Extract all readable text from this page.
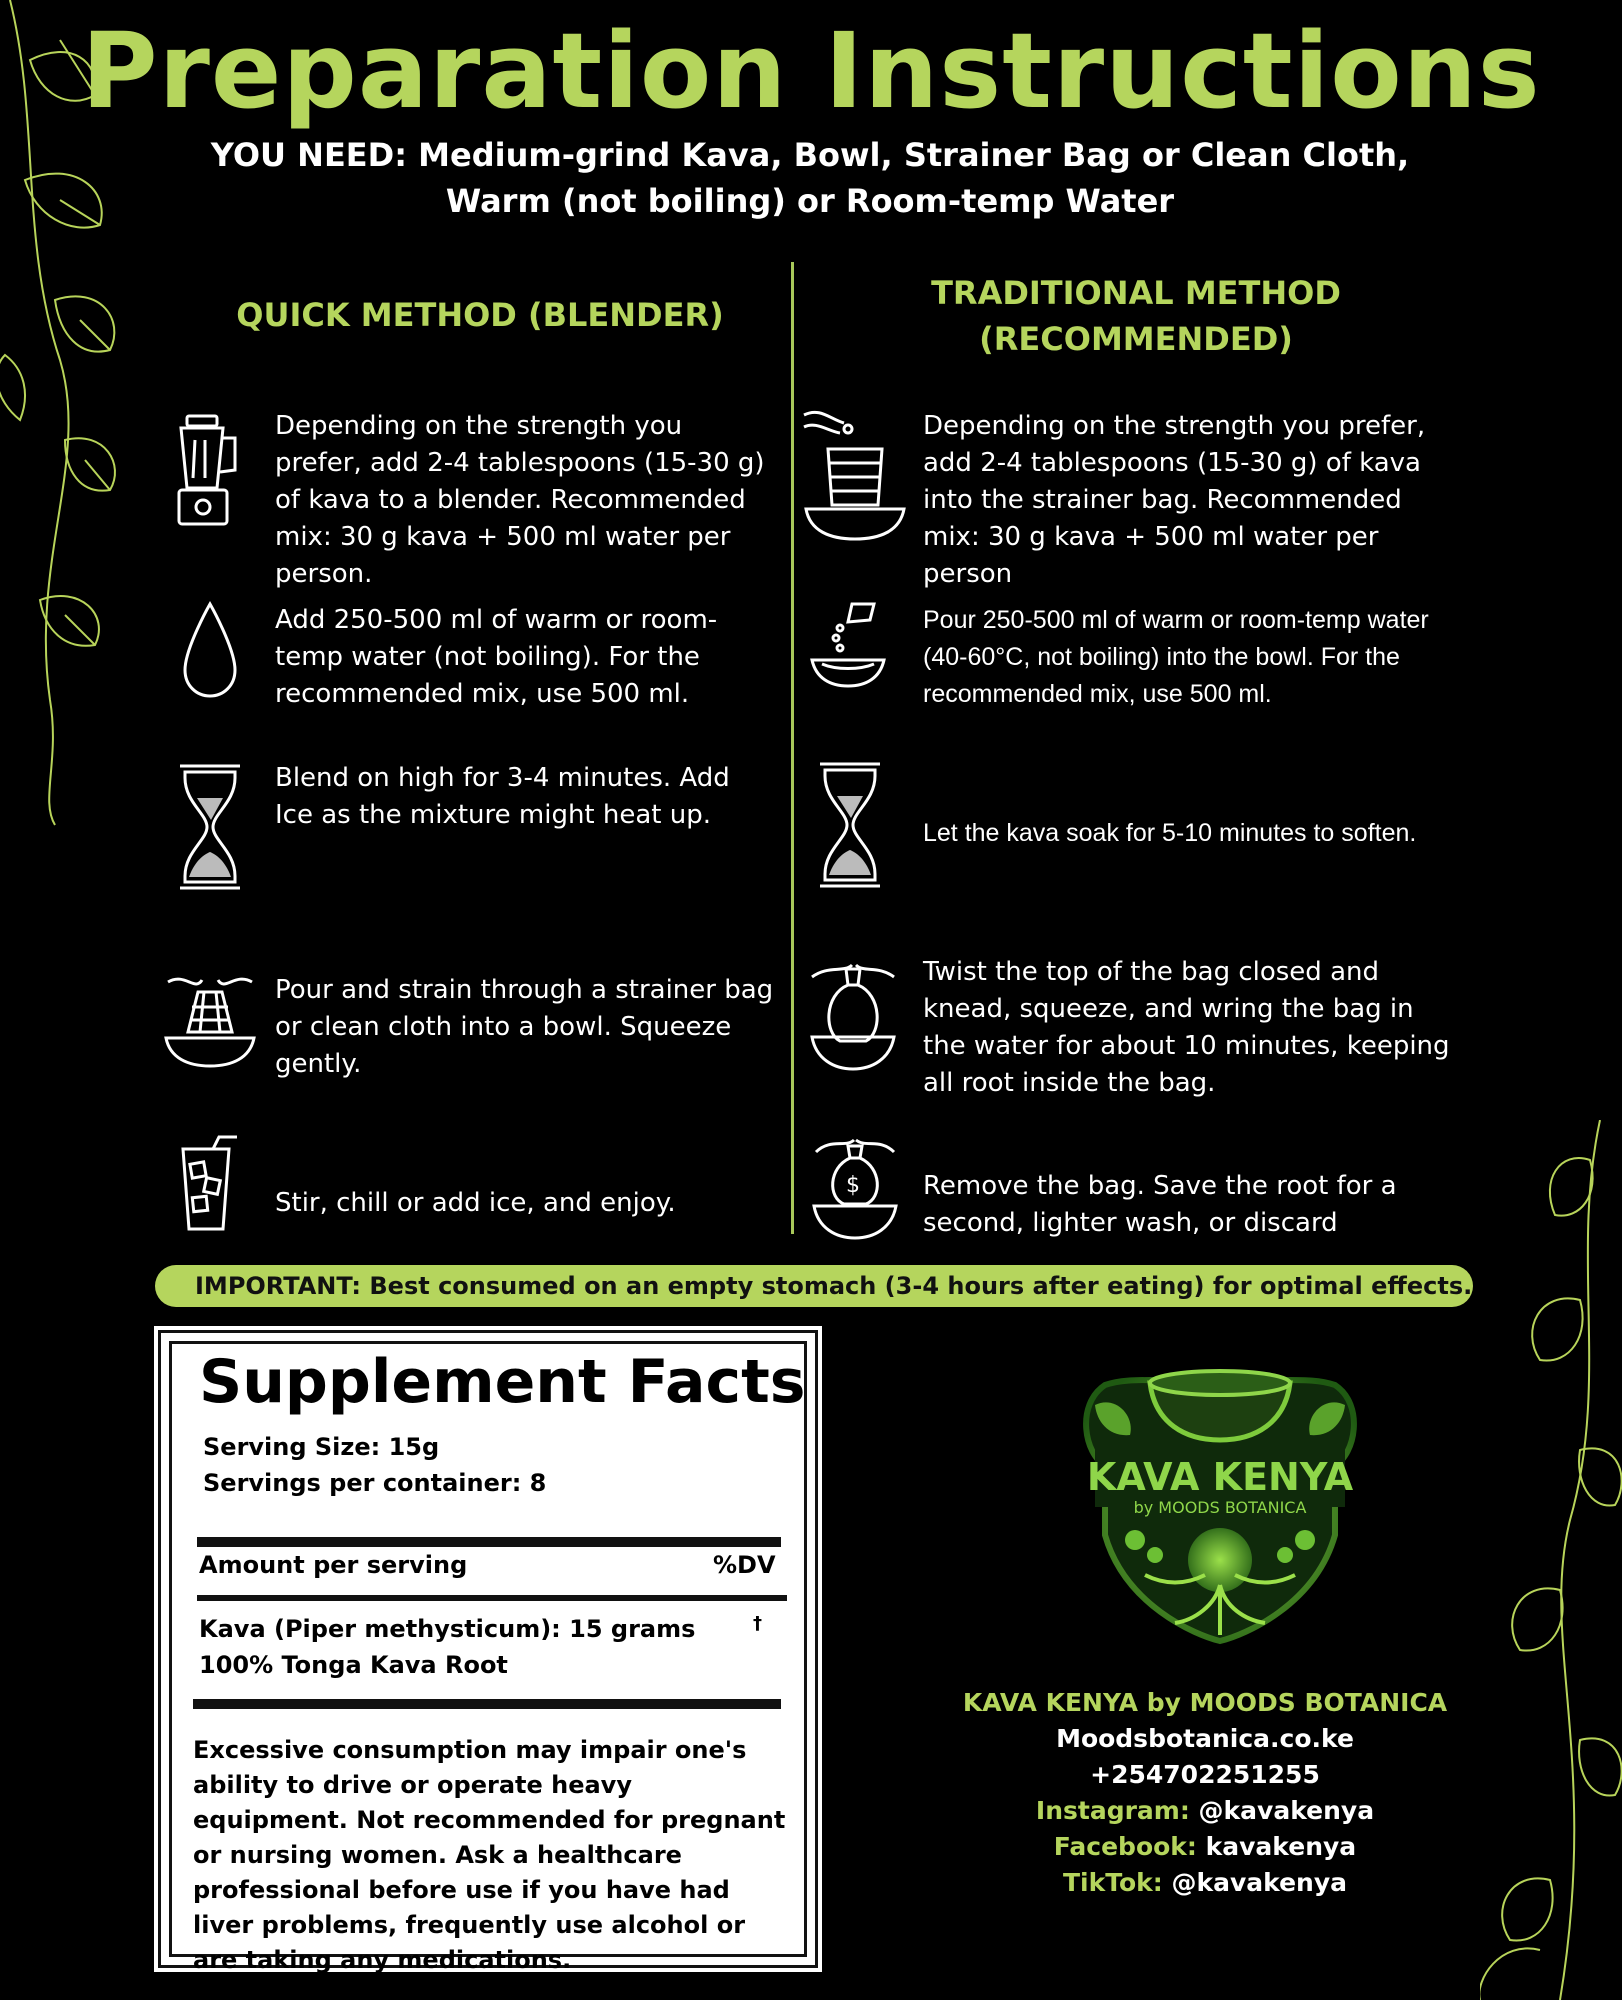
Preparation Instructions
YOU NEED: Medium-grind Kava, Bowl, Strainer Bag or Clean Cloth, Warm (not boiling) or Room-temp Water
QUICK METHOD (BLENDER)
TRADITIONAL METHOD
(RECOMMENDED)
Depending on the strength you prefer, add 2-4 tablespoons (15-30 g) of kava to a blender. Recommended mix: 30 g kava + 500 ml water per person.
Add 250-500 ml of warm or room-temp water (not boiling). For the recommended mix, use 500 ml.
Blend on high for 3-4 minutes. Add Ice as the mixture might heat up.
Pour and strain through a strainer bag or clean cloth into a bowl. Squeeze gently.
Stir, chill or add ice, and enjoy.
Depending on the strength you prefer, add 2-4 tablespoons (15-30 g) of kava into the strainer bag. Recommended mix: 30 g kava + 500 ml water per person
Pour 250-500 ml of warm or room-temp water (40-60°C, not boiling) into the bowl. For the recommended mix, use 500 ml.
Let the kava soak for 5-10 minutes to soften.
Twist the top of the bag closed and knead, squeeze, and wring the bag in the water for about 10 minutes, keeping all root inside the bag.
$ Remove the bag. Save the root for a second, lighter wash, or discard
IMPORTANT: Best consumed on an empty stomach (3-4 hours after eating) for optimal effects.
Supplement Facts
Serving Size: 15g
Servings per container: 8
Amount per serving	%DV
Kava (Piper methysticum): 15 grams	†
100% Tonga Kava Root
Excessive consumption may impair one's ability to drive or operate heavy equipment. Not recommended for pregnant or nursing women. Ask a healthcare professional before use if you have had liver problems, frequently use alcohol or are taking any medications.
KAVA KENYA
by MOODS BOTANICA
KAVA KENYA by MOODS BOTANICA
Moodsbotanica.co.ke
+254702251255
Instagram: @kavakenya
Facebook: kavakenya
TikTok: @kavakenya
